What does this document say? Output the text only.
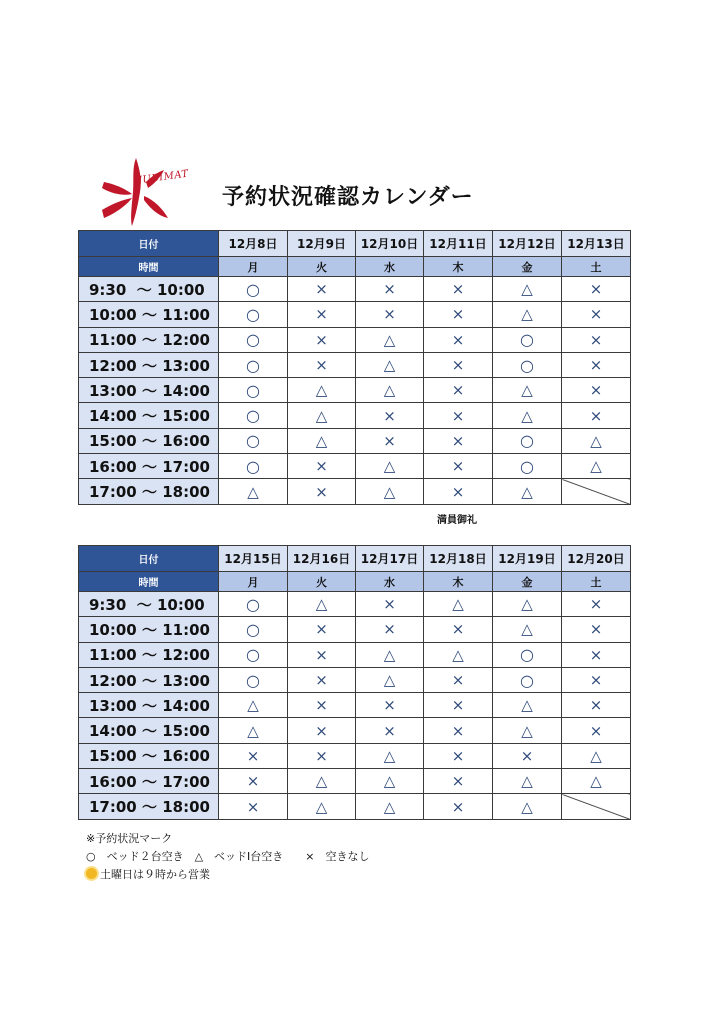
JUBIMAT
予約状況確認カレンダー
日付	12月8日	12月9日	12月10日	12月11日	12月12日	12月13日
時間	月	火	水	木	金	土
9:30  ～ 10:00	○	×	×	×	△	×
10:00 ～ 11:00	○	×	×	×	△	×
11:00 ～ 12:00	○	×	△	×	○	×
12:00 ～ 13:00	○	×	△	×	○	×
13:00 ～ 14:00	○	△	△	×	△	×
14:00 ～ 15:00	○	△	×	×	△	×
15:00 ～ 16:00	○	△	×	×	○	△
16:00 ～ 17:00	○	×	△	×	○	△
17:00 ～ 18:00	△	×	△	×	△	
満員御礼
日付	12月15日	12月16日	12月17日	12月18日	12月19日	12月20日
時間	月	火	水	木	金	土
9:30  ～ 10:00	○	△	×	△	△	×
10:00 ～ 11:00	○	×	×	×	△	×
11:00 ～ 12:00	○	×	△	△	○	×
12:00 ～ 13:00	○	×	△	×	○	×
13:00 ～ 14:00	△	×	×	×	△	×
14:00 ～ 15:00	△	×	×	×	△	×
15:00 ～ 16:00	×	×	△	×	×	△
16:00 ～ 17:00	×	△	△	×	△	△
17:00 ～ 18:00	×	△	△	×	△	
※予約状況マーク
○　ベッド２台空き　△　ベッドⅠ台空き　　×　空きなし
土曜日は９時から営業
